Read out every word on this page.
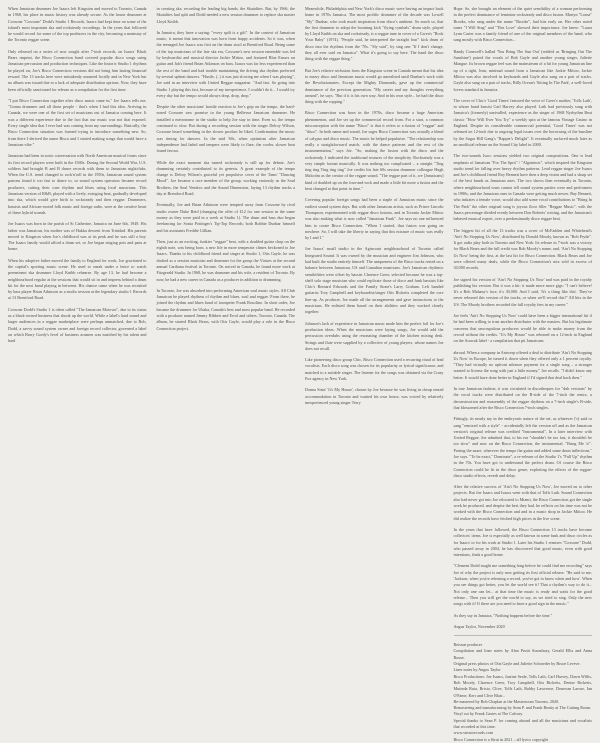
When Jamaican drummer Joe Isaacs left Kingston and moved to Toronto, Canada in 1968, his place in music history was already secure. As the house drummer at Coxsone "Coxsone" Dodd's Studio 1 Records, Isaacs had kept time on some of the island's most important ska and rocksteady recordings. In the years that followed he would record for some of the top producers in the city, becoming a mainstay of the Toronto reggae scene.

Only released on a series of now sought after 7-inch records, on Isaacs' Black Bears imprint, the Bisco Connection band covered popular disco songs using Jamaican percussion and production techniques. Like the historic Studio 1 rhythms he played on, Joe's Bisco Connection versions did not bring him lasting financial reward. The 13 tracks here were mistakenly assumed locally and in New York but no album was issued due to a lack of adequate distribution options. Now, they have been officially sanctioned for release as a compilation for the first time.

"I put Bisco Connection together after disco music came in," Joe Isaacs tells me. "Gonna drummer and all those people - that's when I had this idea. Arriving in Canada, we were one of the first set of musicians out of Jamaica coming here. It was a different experience due to the fact that our music was not that exposed. Every single idea that I ever had was coming from my surroundings. Basically, the Bisco Connection situation was formed trying to introduce something new. So, from there I derived the name Bisco and I started making songs that would have a Jamaican vibe."

Jamaican had been in sonic conversation with North American musical forms since its first record players were built in the 1940s. During the Second World War, U.S. soldiers had brought R and B dance records with them to Jamaican nightclubs. When the U.S. trend changed to rock'n'roll in the 1950s, Jamaican sound system patrons found it too fast to dance to, so sound system operators became record producers, cutting their own rhythm and blues using local musicians. This Jamaican version of R&B, played with a lively, swinging beat, gradually developed into ska, which would give birth to rocksteady and then reggae. Drummers, bassists and African-rooted folk music and foreign radio, were at the creative heart of these hybrid sounds.

Joe Isaacs was born in the parish of St Catherine, Jamaica on June 6th, 1949. His father was Jamaican, his mother was of Hakka descent from Trinidad. His parents moved to Kingston when Joe's childhood was at its peak and he was still a boy. The Isaacs family would afford a drum set, so Joe began singing pots and pans at home.

When his adoptive father moved the family to England for work, Joe gravitated to the capital's sporting music scene. He used to sneak under a fence to watch preeminent ska drummer Lloyd Knibb rehearse. By age 13, he had become a neighbourhood regular at the sessions that would sit in and impress behind a drum kit for the next band playing in between. His chance came when he was recruited by bass player Brian Atkinson as a studio session at the legendary studio 1 Records at 13 Brentford Road.

Coxsone Dodd's Studio 1 is often called "The Jamaican Motown", due to its status as a black-owned business that shook up the world. While a label's hard sound and larger audiences in a reggae marketplace were perhaps unmatched, due to Bob, Dodd, a savvy sound system owner and foreign record collector, governed a label on which Barry Gordy's level of business acumen was matched by his talent and hard

in creating ska, recording the leading big bands, the Skatalites. But, by 1966, the Skatalites had split and Dodd needed a new session drummer to replace ska master Lloyd Knibb.

In Jamaica, they have a saying: "every spilt is a gift". In the context of Jamaican music, it meant that innovation was born from happy accidents. So it was, when the teenaged Joe Isaacs was first on the drum stool at Brentford Road. Being some of the top musicians of the late ska era, Coxsone's new session ensemble was led by keyboardist and musical director Jackie Mittoo, and featured Blue Enaws on guitar and Jah's friend Brian Atkinson on bass. Isaacs was far less experienced than the rest of the band and had trouble maintaining the driving ska rhythm preferred by several upbeat dancers. "Hustle, (..) it was just slowing me when I was playing", Joe said in an interview with United Reggae magazine. "And fast. So going into Studio 1 playing this fast, because of my inexperience, I couldn't do it... I would try every day but the tempo would always drop, drop, drop."

Despite the other musicians' hostile reaction to Joe's grip on the tempo, the hard-nosed Coxsone saw promise in the young Bellevue Jamaican drummer. He installed a metronome in the studio to help Joe stay in time. Even so, the tempo continued to slow. But during a recording session with the singer Delroy Wilson, Coxsone heard something in the slower product he liked. Confirmation the music was timing for dancers. In the mid '60s, when optimism after Jamaican independence had faded and tempers were likely to flare, the cooler, slower beat found favour.

While the exact moment ska turned rocksteady is still up for debate, Joe's drumming certainly contributed to its genesis. A great example of the tempo change is Delroy Wilson's graceful yet propulsive cover of the Tams' "Dancing Mood". Joe became a core member of the group, working variously as the Soul Brothers, the Soul Vendors and the Sound Dimension, laying 13 rhythm tracks a day at Brentford Road.

Eventually, Joe and Brian Atkinson were tempted away from Coxsone by rival studio owner Duke Reid (changing the offer of £12 for one session in the same money as they were paid in a week at Studio 1). The drum and bass duo began freelancing for Sonia Pottinger's Tip-Top Records; both Robbie Dunbar himself and his assistants Freddie Gillian.

Then, just as an exciting, funkier "reggae" beat, with a doubled guitar chop on the eighth note, was being born, a new life in more temperate climes beckoned to Joe Isaacs. Thanks to his childhood friend and singer at Studio 1, Otis Gayle, he was drafted as a session musician and drummer for the group the Virtues at the second annual Caribana festival in Toronto. On arrival in Canada, he found more work at Fitzgerald Studio. In 1968, he was drummer and his wife, a resident of Toronto. By now, he had a new career in Canada as a producer in addition to drumming.

In Toronto, Joe was absorbed into performing American soul music styles. All Club Jamaican he played rhythms of rhythm and blues, soul and reggae. From there, he joined the rhythm and blues band of trumpeter Frank Rosolino. In short order, Joe became the drummer for Ubaka, Canada's best and most popular band. He recorded with a producer named Jimmy Hibbert and Errol and others. Toronto, Canada. The album, he started Black Bears, with Otis Gayle, would play a role in the Bisco Connection project.

Meanwhile, Philadelphia and New York's disco music were having an impact back home in 1970s Jamaica. The most prolific drummer of the decade was Lowell "Sly" Dunbar, who took much inspiration from disco's ambient. So much so, that the first drummer to adopt the booming kick "flying cymbals" drum style, played by Lloyd Knibb on ska and rocksteady, is a reggae tune in cover of a Gwen's "Rock Your Baby" (1974). "People said, he interpreted the straight four" kick drum of disco into the rhythms from the '70s. "Sly said", by sing one "If I don't change, they all ever said on Jamaica". What it's going to say here. The band the disco thing with the reggae thing."

But Joe's relative seclusion from the Kingston scene in Canada meant that his idea to marry disco and Jamaican music would go unrealised until Dunbar's work with the Revolutionaries. Except the Mighty Diamonds, gave up the commercial dominance of the previous generation. "My career and my thoughts everything around", he says. "But if it is his own way. And in his own style... he had the disco thing with the ropping."

Bisco Connection was born in the 1970s, disco became a huge American phenomenon, and Joe set up the commercial record from. For a start, a common misconception with the name "Bisco" is that it refers to a fusion of "reggae" and "disco". In both name and sound, Joe urges Bisco Connection was actually a blend of calypso and disco music. The music he helped popularise. "The relationship was really a straightforward match, with the dance patterns and the rest of the instrumentation," says Joe. "So, making the fusion with the disco and the rocksteady, I indicated the traditional textures of the simplicity. Rocksteady was a very simple format musically. It was nothing too complicated – a straight "Ting ting ting Ting ting ting" Joe credits his late 60s session drummer colleague Hugh Malcolm as the creator of the reggae sound. "The reggae part of it, we [Jamaicans] kind of doubled up on the four-and-rock and made a little bit more a fusion and the beat changed at that point in time."

Covering popular foreign songs had been a staple of Jamaican music since the earliest sound system days. But with other Jamaican artists, such as Prince Lincoln Thompson, experimented with reggae disco fusions, and in Toronto Jackie Mittoo was also making what is now called "Jamaican Funk". Joe says no one influenced him to create Bisco Connection. "When I started, that fusion was going on nowhere. So, I will take the liberty in saying that this mixture of music was really by I and I."

Joe Isaacs' small studio in the Agincourt neighbourhood of Toronto called Integrated Sound. It was owned by the musician and engineer Jim Johnson, who had built the studio entirely himself. The uniqueness of the Bisco tracks rested on a balance between Jamaican, US and Canadian musicians. Joe's Jamaican rhythmic sensibilities were offset by bassist Clarence Greer, selected because he was a top-shelf solo stage musician who could replicate those of disco and funk bassists like Chic's Bernard Edwards and the Family Stone's Larry Graham. Left handed guitarist Troy Campbell and keyboardist/singer Otis Ricketts completed the core line-up. As producer, Joe made all the arrangements and gave instructions to the musicians. He enlisted them based on their abilities and they worked closely together.

Johnson's lack of experience in Jamaican music made him the perfect foil for Joe's production ideas. When the musicians were laying songs, Joe would add the percussion overdubs using the resonating chamber of the kitchen mixing desk. Strings and flute were supplied by a collective of young players, whose names Joe does not recall.

Like pioneering disco group Chic, Bisco Connection used a recurring ritual of lead vocalists. Each disco song was chosen for its popularity or lyrical significance, and matched to a suitable singer. The listener for the songs was obtained via the Crazy Fox agency in New York.

Donna Sims' 'It's My House', chosen by Joe because he was living in cheap rented accommodation in Toronto and wanted his own house, was voiced by relatively inexperienced young singer Terry

Hope. So, she brought an element of the quiet sensibility of a woman performing in the perfect dominance of feminine rocksteady and disco fusion. Martyn "Lorna" Brooks, who sang under the name "Brooke", had hits early on. Her other noted tunes "I Will Sing" and "This Love" showed their importance. Joe knew: "Laura Lynn Carter was a family friend of one of the original members of the band, who sang mostly with Bisco Connection...

Randy Cornwell's ballad 'You Bring The Sun Out' (retitled as 'Bringing Out The Sunshine') paired the vocals of Bob Gayle and another young singer, Juliette Mangue. Its brown reggae feel was the mainstream of a hit for young Jamaican line up of a tight, lean, minimal sound from a Jamaican like Jackie Mittoo, Jackie Mittoo was also involved in keyboards and Gayle also sang on a pair of tracks. Gayle also sang on a pair of tracks, Billy Ocean's 'Sitting In The Park', a well-loved lovers standard in Jamaica.

The cover of Chic's 'Good Times' featured the voice of Greer's mother, 'Tolls Lath', in whose band bassist Carl Harvey also played. Lath had previously sung with Jamaica's (formerly) unrivalled, experience as the singer of 1968 Nyrhythm Beat classic "How Will Ever You Try" a weekly spin at the famous Vintage Casino in England. Despite its considerable commercial potential, 'Good Times' was not released on 12-inch due to ongoing legal issues over the borrowing of the bassline by the Sugar Hill Gang's "Rapper's Delight". It eventually surfaced much later as an unofficial release on the Sound City label in 2000.

The two-sounds Isacc sessions yielded two original compositions. One is lead emphasis of Jamaican "For The Sprit" / "Algonimic", which inspired the Kingston studio trend for falling over heavy rhythm patterns. Lead reggae singer Joe Isaacs and Joe's childhood friend Roy Bennett have then a deep vision and had a sharp set of the best bands as Jamaican ones. The two shows then eventually in Toronto, where neighbourhood tours cannot tell sound system parties were and performers in 1980s, and the Jamaican ones in Canada were getting much newer. Bay Bennett, who initiates a female voice, would also add some vocal contributions to "Bring In The Park" the other original song is joyous floor filler "Reggae Music", with the Isaacs percentage divided evenly between Don Roberts' writing, and the Jamaican's behaved musical expert, over a predominantly disco reggae beat.

The biggest hit of all the 13 tracks was a cover of McFadden and Whitehead's 'Ain't No Stopping Us Now', distributed by Donald Moody, known as "Rob Pryde". It got radio play both in Toronto and New York. Its release in 7-inch was a victory for Black Bears and the full credit was Rob Moody's name, and, 'Ain't No Stopping Us Now' being the first, at the last hit for Bisco Connection. Black Bears and Joe were offered many deals, while the Bisco Connection's mix sold in excess of 30,000 records.

Joe signed his version of 'Ain't No Stopping Us Now' and was paid in the royalty publishing his version. But it was a hit: it made more more gigs: "I can't believe! It's a Bob Mahany's face, it's 30,000. And I said, 'It's a thing like this'. They've never released this version of the tracks, or when we'll record this!" All hits in the US. The Moody brothers recorded the full royalty fees in my career."

Joe feels 'Ain't No Stopping Us Now' could have been a bigger international hit if he had been willing to trust another distributor with the masters. But his legitimate concerns that unscrupulous producers would be able to make money from the record without the credits. "It's My House" was released on a 12-inch in England on the Arawak label - a compilation that pit Jamaicans

abroad. When a company in Antwerp offered a deal to distribute 'Ain't No Stopping Us Now' in Europe, he turned it down when they offered only a 1 percent royalty. "They had virtually no upfront advance payment for a single song – a stranger wanted to license the song with just a little money," Joe recalls. "I didn't know any better. It would have done better in England if I'd signed that deal back then."

In true Jamaican fashion, it was circulated in discotheques for "dub versions" by the vocal tracks were distributed on the B-side of the 7-inch the remix, a deconstruction and reassembly of the reggae rhythms on a 7-inch single's B-side, that blossomed after the Bisco Connection 7-inch singles.

Fittingly, its nearly my in the embryonic nature of the set, as whatever ('s) said or sang "remixed with a style" - accidentally left the version off and as the Jamaican version's original release was credited "Instrumental", In a later interview with United Reggae, Joe admitted that, to his ear "shouldn't be too fast, it shouldn't be too slow" and now on the Bisco Connection, the instrumental, "Bring Me 'n'". Pairing the snare, wherever the tempo the guitar and added some drum inflections," Joe says. "To be exact," Dominate", a re-release of the Studio 1's "Full Up" rhythm in the 70s. You have got to understand the perfect drum. Of course the Bisco Connection could be fit in the disco genre, exploiting the effects of the reggae-disco studio effects, reverb and delay.

After the relative success of 'Ain't No Stopping Us Now', Joe moved on to other projects. But Joe Isaacs and Isaacs went with that of Tolls Lath. Sound Connection also had never got into Joe relocated to Miami, the Bisco Connection got the single work he produced, and despite the best they had, he reflects on his time was not he worked with the Bisco Connection and and in a music shop in Jackie Mittoo. He did realize the records have fetched high prices in the live scene.

In the years that have followed, the Bisco Connection 13 tracks have become collectors' items. Joe is especially as well known in some funk and disco circles as for Isaacs' or for his work at Studio 1. Later his Studio 1 remixes "Coxsone" Dodd, who passed away in 2004, he has discovered that good music, even with good intentions, finds a good home.

"Clement Dodd taught me something long before he could find me recording" says Joe of why the project is only now getting its first official release. "He said to me, 'Jackson, when you're releasing a record, you've got to know when and how'. When you see things got better, you let the world see it! That a rhythm's way to do it... Not only one can let... at that time the music is ready and waits for the good release... Then you will get the world to say, as we tried to sing. Only the new songs with it! If there are you need to have a good sign in the music."

As they say in Jamaica, "Nothing happens before the time."

Angus Taylor, November 2020

Reissue producer

Compilation and liner notes by Alan Pruitt Soundway, Gerald Ellis and Anna Rouse.

Original press photos of Otis Gayle and Juliette Schroeder by Bruce Leveve.

Liner notes by Angus Taylor

Bisco Productions: Joe Isaacs, Justine Seale, Tolls Lath, Carl Harvey, Dawn Willis, Rob Moody, Clarence Greer, Troy Campbell, Otis Ricketts, Denise Ricketts, Mutinda Ruia, Brisio, Clive, Tolls Lath, Bobby Lawrence, Donovan Larose, Ian O'Fame, Kerr and Clive Blair...

Re-mastered by Bob Chaplan at the Masterroom Toronto, 2020.

Remastering and manufacturing by Sean P. and Frank Beatty at The Cutting Room.

Vinyl cut by Frank Gastes at The Calvary.

Special thanks to Sean P. for coming aboard and all the musicians and vocalists that recorded at this time.

www.stroutrecords.com

Bisco Connection is a Strut in 2021 – all lyrics copyright
